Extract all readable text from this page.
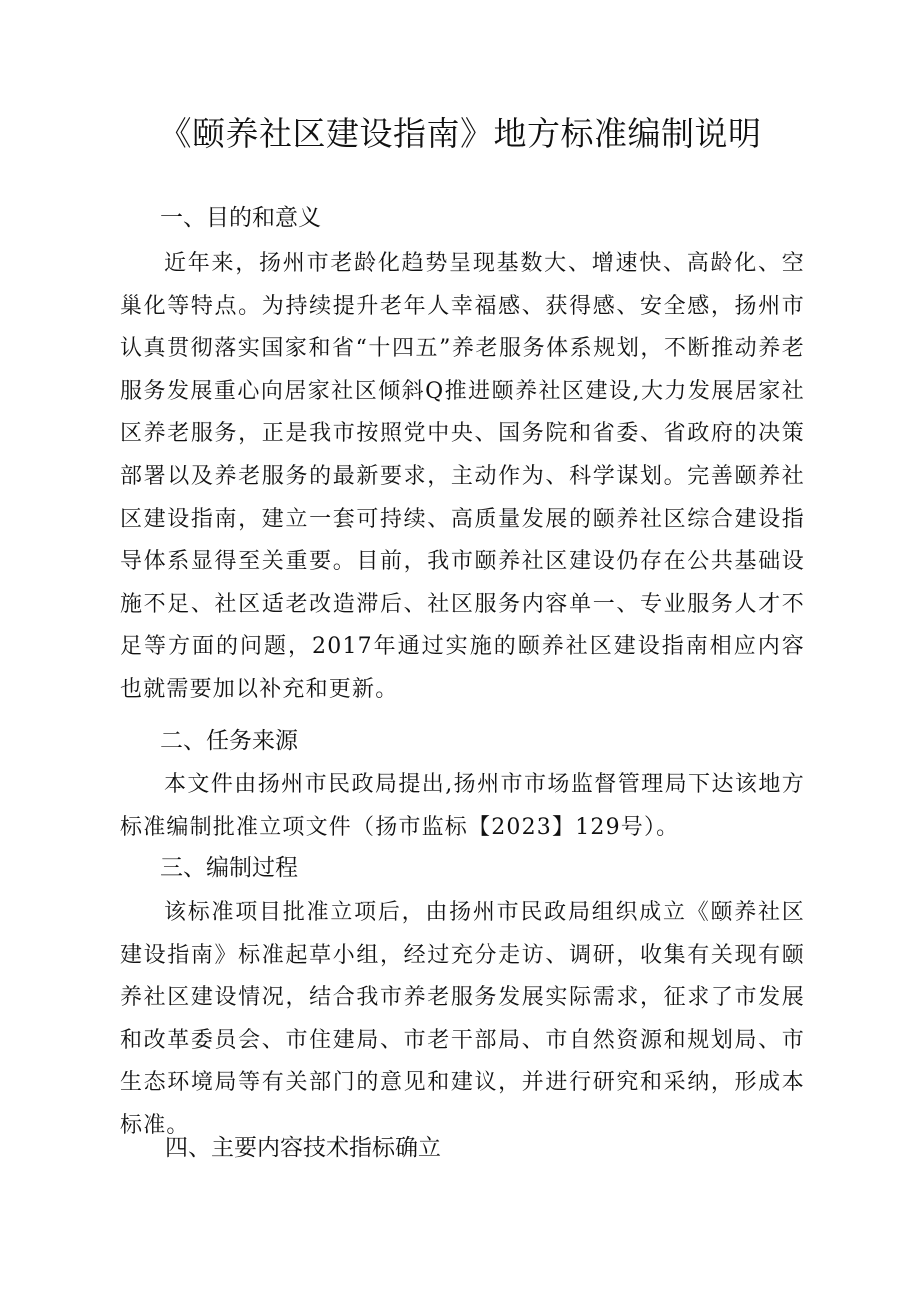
《颐养社区建设指南》地方标准编制说明
一、目的和意义

近年来，扬州市老龄化趋势呈现基数大、增速快、高龄化、空巢化等特点。为持续提升老年人幸福感、获得感、安全感，扬州市认真贯彻落实国家和省“十四五”养老服务体系规划，不断推动养老服务发展重心向居家社区倾斜Q推进颐养社区建设,大力发展居家社区养老服务，正是我市按照党中央、国务院和省委、省政府的决策部署以及养老服务的最新要求，主动作为、科学谋划。完善颐养社区建设指南，建立一套可持续、高质量发展的颐养社区综合建设指导体系显得至关重要。目前，我市颐养社区建设仍存在公共基础设施不足、社区适老改造滞后、社区服务内容单一、专业服务人才不足等方面的问题，2017年通过实施的颐养社区建设指南相应内容也就需要加以补充和更新。

二、任务来源

本文件由扬州市民政局提出,扬州市市场监督管理局下达该地方标准编制批准立项文件（扬市监标【2023】129号）。

三、编制过程

该标准项目批准立项后，由扬州市民政局组织成立《颐养社区建设指南》标准起草小组，经过充分走访、调研，收集有关现有颐养社区建设情况，结合我市养老服务发展实际需求，征求了市发展和改革委员会、市住建局、市老干部局、市自然资源和规划局、市生态环境局等有关部门的意见和建议，并进行研究和采纳，形成本标准。

四、主要内容技术指标确立
